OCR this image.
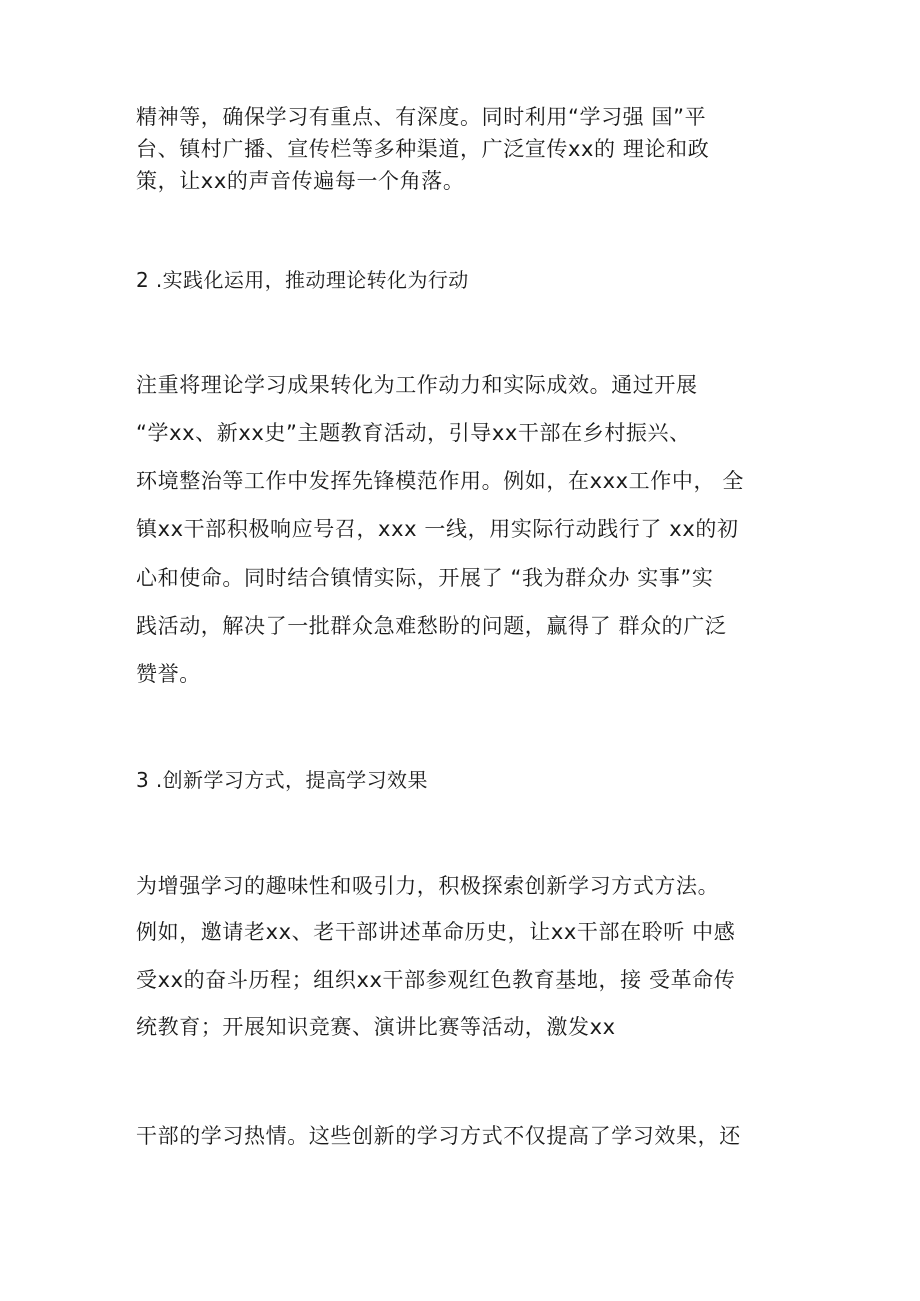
精神等，确保学习有重点、有深度。同时利用“学习强 国”平
台、镇村广播、宣传栏等多种渠道，广泛宣传xx的 理论和政
策，让xx的声音传遍每一个角落。
2 .实践化运用，推动理论转化为行动
注重将理论学习成果转化为工作动力和实际成效。通过开展
“学xx、新xx史”主题教育活动，引导xx干部在乡村振兴、
环境整治等工作中发挥先锋模范作用。例如，在xxx工作中， 全
镇xx干部积极响应号召，xxx 一线，用实际行动践行了 xx的初
心和使命。同时结合镇情实际，开展了 “我为群众办 实事”实
践活动，解决了一批群众急难愁盼的问题，赢得了 群众的广泛
赞誉。
3 .创新学习方式，提高学习效果
为增强学习的趣味性和吸引力，积极探索创新学习方式方法。
例如，邀请老xx、老干部讲述革命历史，让xx干部在聆听 中感
受xx的奋斗历程；组织xx干部参观红色教育基地，接 受革命传
统教育；开展知识竞赛、演讲比赛等活动，激发xx
干部的学习热情。这些创新的学习方式不仅提高了学习效果，还
